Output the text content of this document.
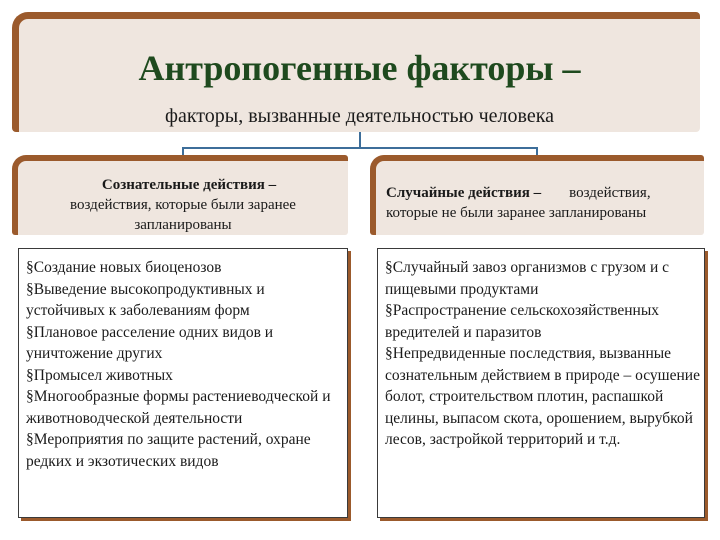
Антропогенные факторы –
факторы, вызванные деятельностью человека
Сознательные действия –
воздействия, которые были заранее
запланированы
Случайные действия – воздействия,
которые не были заранее запланированы
§ Создание новых биоценозов
§ Выведение высокопродуктивных и устойчивых к заболеваниям форм
§ Плановое расселение одних видов и уничтожение других
§ Промысел животных
§ Многообразные формы растениеводческой и животноводческой деятельности
§ Мероприятия по защите растений, охране редких и экзотических видов
§ Случайный завоз организмов с грузом и с пищевыми продуктами
§ Распространение сельскохозяйственных вредителей и паразитов
§ Непредвиденные последствия, вызванные сознательным действием в природе – осушение болот, строительством плотин, распашкой целины, выпасом скота, орошением, вырубкой лесов, застройкой территорий и т.д.
